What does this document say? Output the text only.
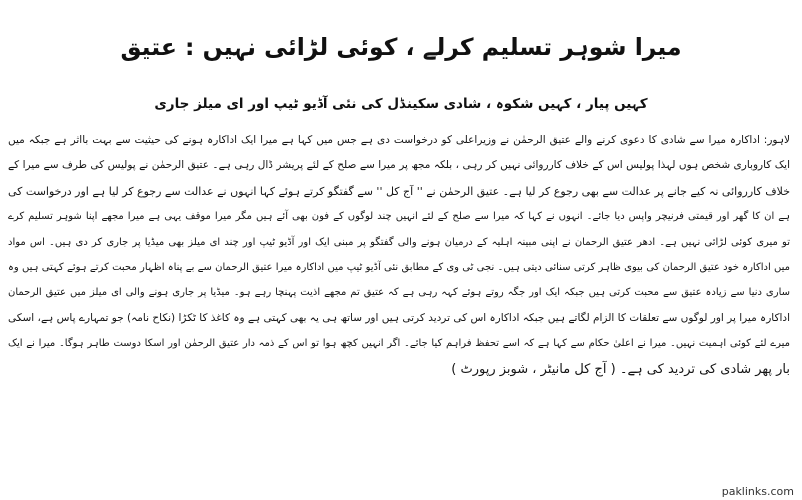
میرا شوہر تسلیم کرلے ، کوئی لڑائی نہیں : عتیق
کہیں پیار ، کہیں شکوہ ، شادی سکینڈل کی نئی آڈیو ٹیپ اور ای میلز جاری
لاہور: اداکارہ میرا سے شادی کا دعوی کرنے والے عتیق الرحمٰن نے وزیراعلی کو درخواست دی ہے جس میں کہا ہے میرا ایک اداکارہ ہونے کی حیثیت سے بہت بااثر ہے جبکہ میں
ایک کاروباری شخص ہوں لہذا پولیس اس کے خلاف کارروائی نہیں کر رہی ، بلکہ مجھ پر میرا سے صلح کے لئے پریشر ڈال رہی ہے۔ عتیق الرحمٰن نے پولیس کی طرف سے میرا کے
خلاف کارروائی نہ کیے جانے پر عدالت سے بھی رجوع کر لیا ہے۔ عتیق الرحمٰن نے '' آج کل '' سے گفتگو کرتے ہوئے کہا انہوں نے عدالت سے رجوع کر لیا ہے اور درخواست کی
ہے ان کا گھر اور قیمتی فرنیچر واپس دیا جائے۔ انہوں نے کہا کہ میرا سے صلح کے لئے انہیں چند لوگوں کے فون بھی آئے ہیں مگر میرا موقف یہی ہے میرا مجھے اپنا شوہر تسلیم کرے
تو میری کوئی لڑائی نہیں ہے۔ ادھر عتیق الرحمان نے اپنی مبینہ اہلیہ کے درمیان ہونے والی گفتگو پر مبنی ایک اور آڈیو ٹیپ اور چند ای میلز بھی میڈیا پر جاری کر دی ہیں۔ اس مواد
میں اداکارہ خود عتیق الرحمان کی بیوی ظاہر کرتی سنائی دیتی ہیں۔ نجی ٹی وی کے مطابق نئی آڈیو ٹیپ میں اداکارہ میرا عتیق الرحمان سے بے پناہ اظہار محبت کرتے ہوئے کہتی ہیں وہ
ساری دنیا سے زیادہ عتیق سے محبت کرتی ہیں جبکہ ایک اور جگہ روتے ہوئے کہہ رہی ہے کہ عتیق تم مجھے اذیت پہنچا رہے ہو۔ میڈیا پر جاری ہونے والی ای میلز میں عتیق الرحمان
اداکارہ میرا پر اور لوگوں سے تعلقات کا الزام لگاتے ہیں جبکہ اداکارہ اس کی تردید کرتی ہیں اور ساتھ ہی یہ بھی کہتی ہے وہ کاغذ کا ٹکڑا (نکاح نامہ) جو تمہارے پاس ہے، اسکی
میرے لئے کوئی اہمیت نہیں۔ میرا نے اعلیٰ حکام سے کہا ہے کہ اسے تحفظ فراہم کیا جائے۔ اگر انہیں کچھ ہوا تو اس کے ذمہ دار عتیق الرحمٰن اور اسکا دوست طاہر ہوگا۔ میرا نے ایک
بار پھر شادی کی تردید کی ہے۔ ( آج کل مانیٹر ، شوبز رپورٹ )
paklinks.com
